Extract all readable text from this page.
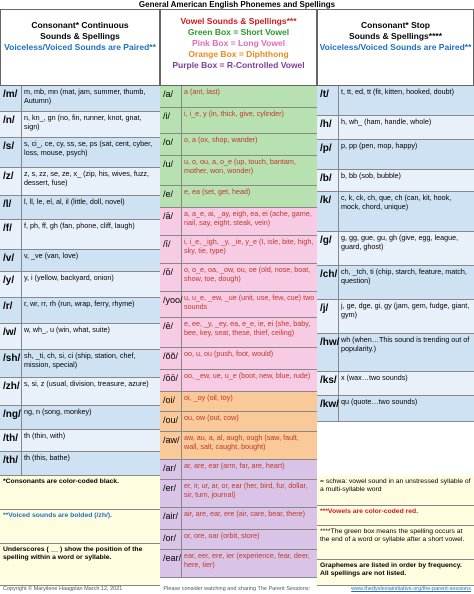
General American English Phonemes and Spellings
Consonant* Continuous
Sounds & Spellings
Voiceless/Voiced Sounds are Paired**
Vowel Sounds & Spellings***
Green Box = Short Vowel
Pink Box = Long Vowel
Orange Box = Diphthong
Purple Box = R-Controlled Vowel
Consonant* Stop
Sounds & Spellings****
Voiceless/Voiced Sounds are Paired**
/m/ m, mb, mn (mat, jam, summer, thumb, Autumn)
/n/	n, kn_, gn (no, fin, runner, knot, gnat, sign)
/s/	s, ci_, ce, cy, ss, se, ps (sat, cent, cyber, loss, mouse, psych)
/z/	z, s, zz, se, ze, x_ (zip, his, wives, fuzz, dessert, fuse)
/l/	l, ll, le, el, al, il (little, doll, novel)
/f/	f, ph, ff, gh (fan, phone, cliff, laugh)
/v/	v, _ve (van, love)
/y/	y, i (yellow, backyard, onion)
/r/	r, wr, rr, rh (run, wrap, ferry, rhyme)
/w/	w, wh_, u (win, what, suite)
/sh/ sh, _ti, ch, si, ci (ship, station, chef, mission, special)
/zh/ s, si, z (usual, division, treasure, azure)
/ng/ ng, n (song, monkey)
/th/ th (thin, with)
/th/ th (this, bathe)
/a/	a (ant, last)
/i/	i, i_e, y (in, thick, give, cylinder)
/o/	o, a (ox, shop, wander)
/u/	u, o, ou, a, o_e (up, touch, bantam, mother, won, wonder)
/e/	e, ea (set, get, head)
/ā/	a, a_e, ai, _ay, eigh, ea, ei (ache, game, nail, say, eight, steak, vein)
/ī/	i, i_e, _igh, _y, _ie, y_e (I, isle, bite, high, sky, tie, type)
/ō/	o, o_e, oa, _ow, ou, oe (old, nose, boat, show, toe, dough)
/yoo/ u, u_e, _ew, _ue (unit, use, few, cue) two sounds
/ē/	e, ee, _y, _ey, ea, e_e, ie, ei (she, baby, bee, key, seat, these, thief, ceiling)
/ŏŏ/ oo, u, ou (push, foot, would)
/ōō/ oo, _ew, ue, u_e (boot, new, blue, rude)
/oi/	oi, _oy (oil, toy)
/ou/ ou, ow (out, cow)
/aw/ aw, au, a, al, augh, ough (saw, fault, wall, salt, caught, bought)
/ar/	ar, are, ear (arm, far, are, heart)
/er/	er, ir, ur, ar, or, ear (her, bird, fur, dollar, sir, turn, journal)
/air/ air, are, ear, ere (air, care, bear, there)
/or/	or, ore, oar (orbit, store)
/ear/ ear, eer, ere, ier (experience, fear, deer, here, tier)
/t/	t, tt, ed, tt (fit, kitten, hooked, doubt)
/h/	h, wh_ (ham, handle, whole)
/p/	p, pp (pen, mop, happy)
/b/	b, bb (sob, bubble)
/k/	c, k, ck, ch, que, ch (can, kit, hook, mock, chord, unique)
/g/	g, gg, gue, gu, gh (give, egg, league, guard, ghost)
/ch/ ch, _tch, ti (chip, starch, feature, match, question)
/j/	j, ge, dge, gi, gy (jam, gem, fudge, giant, gym)
/hw/ wh (when…This sound is trending out of popularity.)
/ks/ x (wax…two sounds)
/kw/ qu (quote…two sounds)
*Consonants are color-coded black.
**Voiced sounds are bolded (/zh/).
Underscores ( __ ) show the position of the spelling within a word or syllable.
= schwa: vowel sound in an unstressed syllable of a multi-syllable word
***Vowels are color-coded red.
****The green box means the spelling occurs at the end of a word or syllable after a short vowel.
Graphemes are listed in order by frequency. All spellings are not listed.
Copyright © Maryilene Haagplan March 12, 2021	Please consider watching and sharing The Parent Sessions:	www.thedyslexiainitiative.org/the-parent-sessions
